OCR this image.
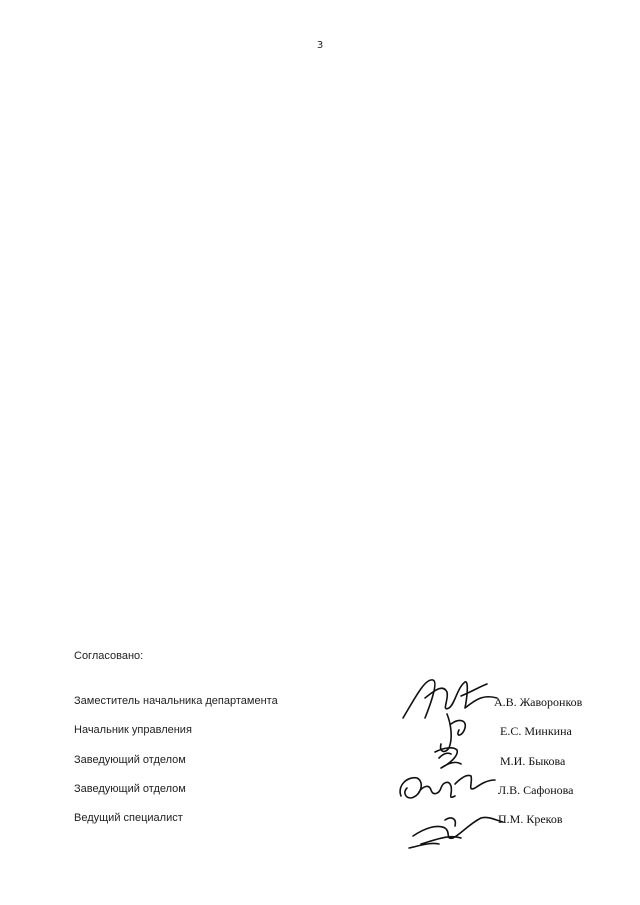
3
Согласовано:
Заместитель начальника департамента	А.В. Жаворонков
Начальник управления	Е.С. Минкина
Заведующий отделом	М.И. Быкова
Заведующий отделом	Л.В. Сафонова
Ведущий специалист	П.М. Креков
